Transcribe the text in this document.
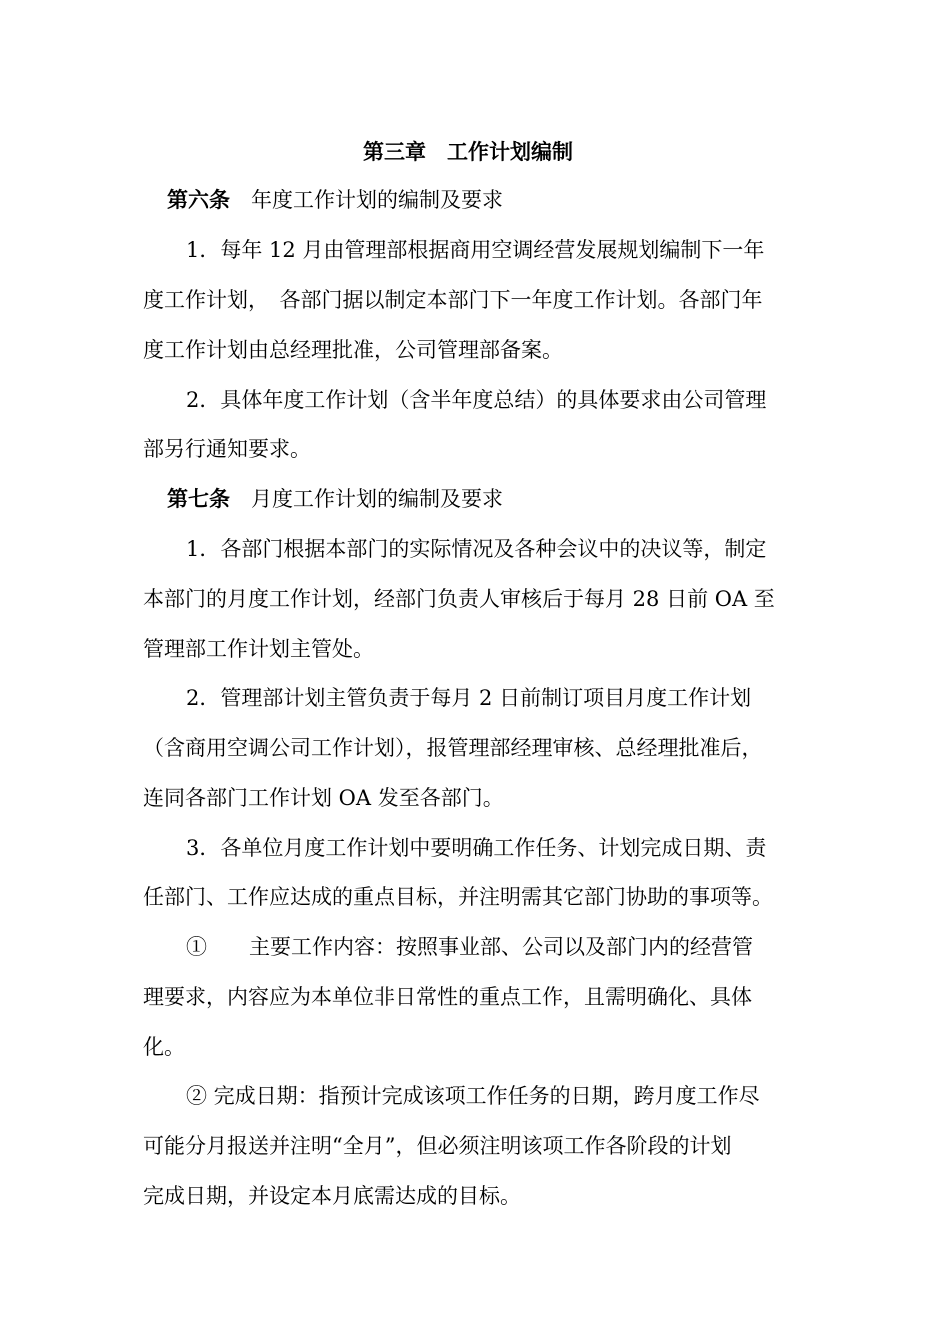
第三章　工作计划编制
第六条　 年度工作计划的编制及要求
1．每年 12 月由管理部根据商用空调经营发展规划编制下一年
度工作计划，　各部门据以制定本部门下一年度工作计划。各部门年
度工作计划由总经理批准，公司管理部备案。
2．具体年度工作计划（含半年度总结）的具体要求由公司管理
部另行通知要求。
第七条　 月度工作计划的编制及要求
1．各部门根据本部门的实际情况及各种会议中的决议等，制定
本部门的月度工作计划，经部门负责人审核后于每月 28 日前 OA 至
管理部工作计划主管处。
2．管理部计划主管负责于每月 2 日前制订项目月度工作计划
（含商用空调公司工作计划），报管理部经理审核、总经理批准后，
连同各部门工作计划 OA 发至各部门。
3．各单位月度工作计划中要明确工作任务、计划完成日期、责
任部门、工作应达成的重点目标，并注明需其它部门协助的事项等。
①　　主要工作内容：按照事业部、公司以及部门内的经营管
理要求，内容应为本单位非日常性的重点工作，且需明确化、具体
化。
② 完成日期：指预计完成该项工作任务的日期，跨月度工作尽
可能分月报送并注明“全月”，但必须注明该项工作各阶段的计划
完成日期，并设定本月底需达成的目标。
